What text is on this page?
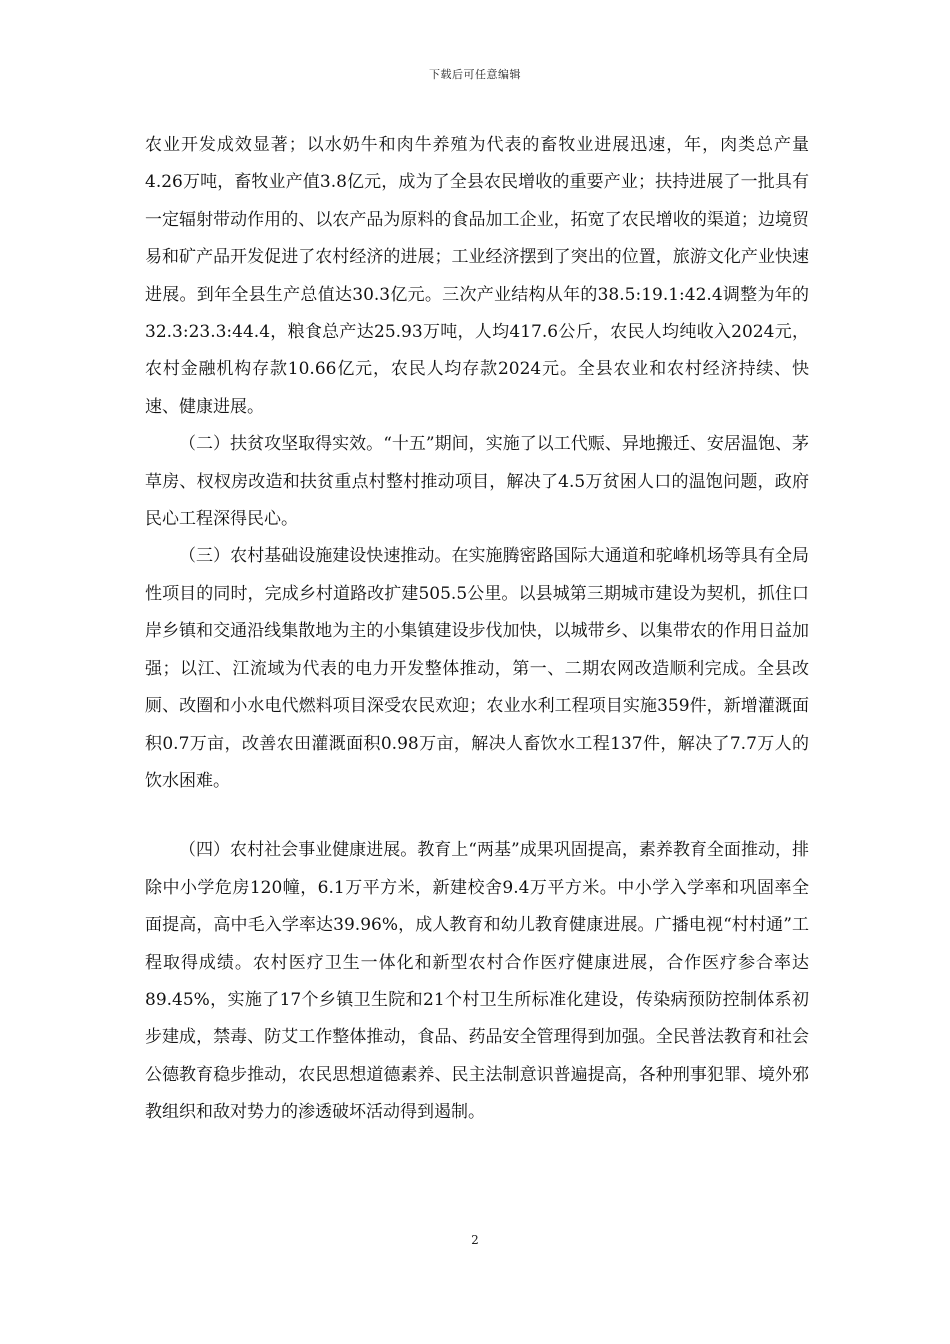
下载后可任意编辑

农业开发成效显著；以水奶牛和肉牛养殖为代表的畜牧业进展迅速，年，肉类总产量4.26万吨，畜牧业产值3.8亿元，成为了全县农民增收的重要产业；扶持进展了一批具有一定辐射带动作用的、以农产品为原料的食品加工企业，拓宽了农民增收的渠道；边境贸易和矿产品开发促进了农村经济的进展；工业经济摆到了突出的位置，旅游文化产业快速进展。到年全县生产总值达30.3亿元。三次产业结构从年的38.5:19.1:42.4调整为年的32.3:23.3:44.4，粮食总产达25.93万吨，人均417.6公斤，农民人均纯收入2024元，农村金融机构存款10.66亿元，农民人均存款2024元。全县农业和农村经济持续、快速、健康进展。

（二）扶贫攻坚取得实效。“十五”期间，实施了以工代赈、异地搬迁、安居温饱、茅草房、杈杈房改造和扶贫重点村整村推动项目，解决了4.5万贫困人口的温饱问题，政府民心工程深得民心。

（三）农村基础设施建设快速推动。在实施腾密路国际大通道和驼峰机场等具有全局性项目的同时，完成乡村道路改扩建505.5公里。以县城第三期城市建设为契机，抓住口岸乡镇和交通沿线集散地为主的小集镇建设步伐加快，以城带乡、以集带农的作用日益加强；以江、江流域为代表的电力开发整体推动，第一、二期农网改造顺利完成。全县改厕、改圈和小水电代燃料项目深受农民欢迎；农业水利工程项目实施359件，新增灌溉面积0.7万亩，改善农田灌溉面积0.98万亩，解决人畜饮水工程137件，解决了7.7万人的饮水困难。

（四）农村社会事业健康进展。教育上“两基”成果巩固提高，素养教育全面推动，排除中小学危房120幢，6.1万平方米，新建校舍9.4万平方米。中小学入学率和巩固率全面提高，高中毛入学率达39.96%，成人教育和幼儿教育健康进展。广播电视“村村通”工程取得成绩。农村医疗卫生一体化和新型农村合作医疗健康进展，合作医疗参合率达89.45%，实施了17个乡镇卫生院和21个村卫生所标准化建设，传染病预防控制体系初步建成，禁毒、防艾工作整体推动，食品、药品安全管理得到加强。全民普法教育和社会公德教育稳步推动，农民思想道德素养、民主法制意识普遍提高，各种刑事犯罪、境外邪教组织和敌对势力的渗透破坏活动得到遏制。

2
